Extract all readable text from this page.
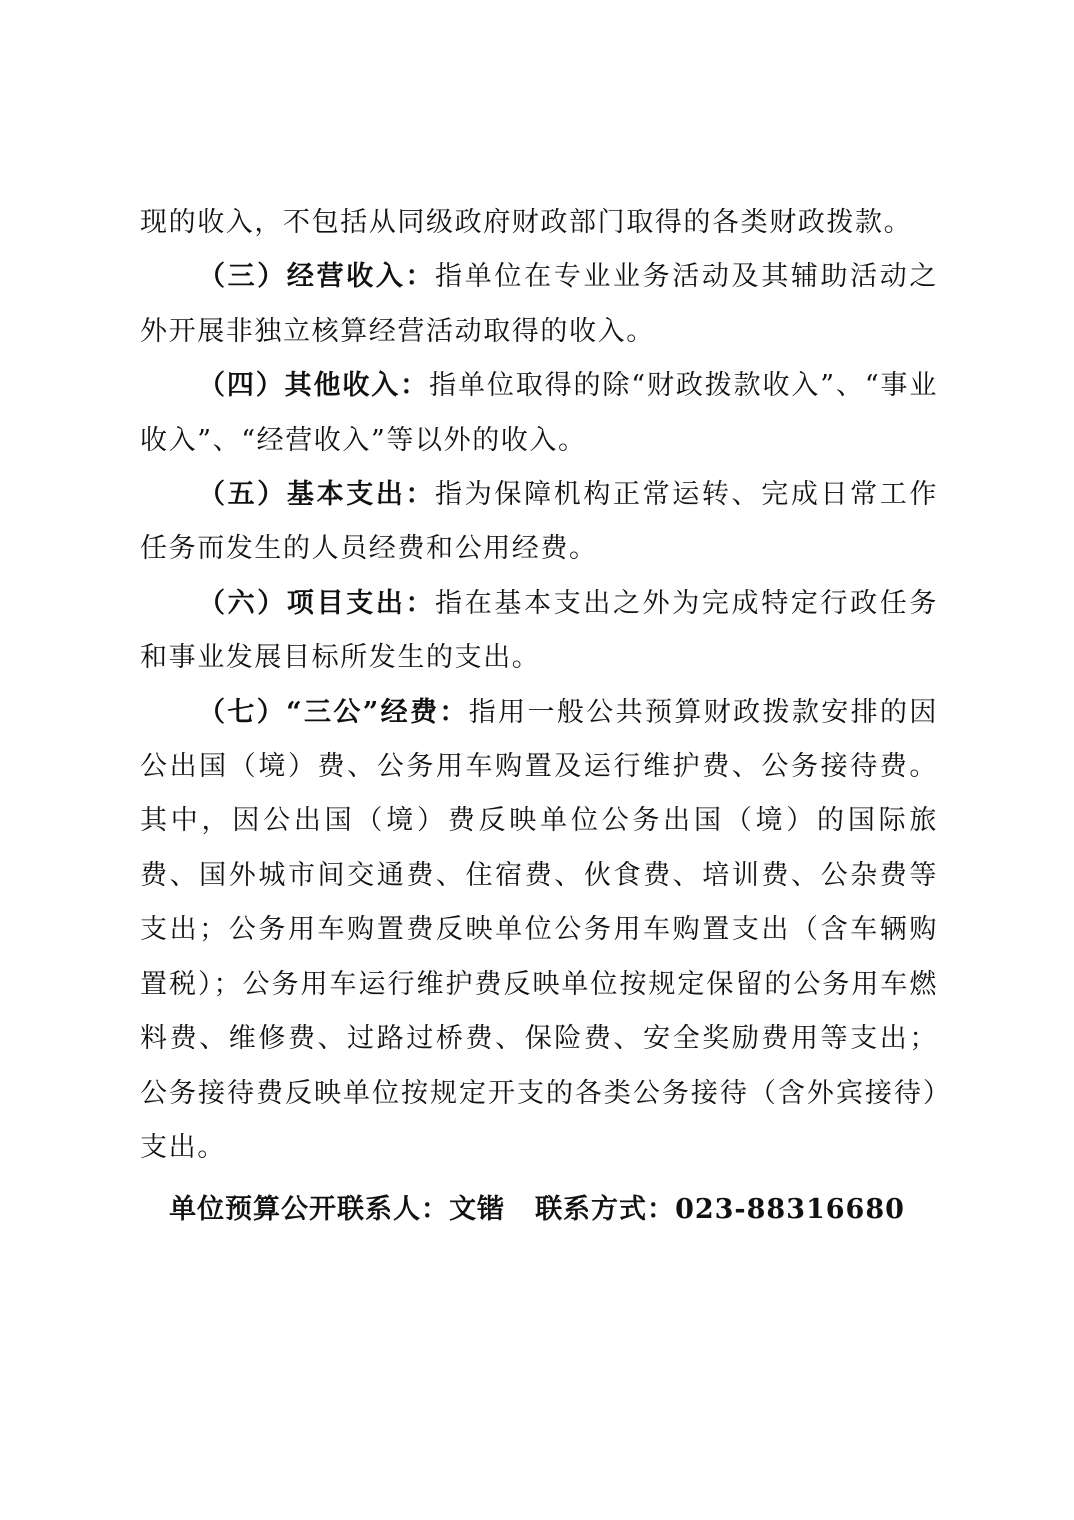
现的收入，不包括从同级政府财政部门取得的各类财政拨款。

（三）经营收入：指单位在专业业务活动及其辅助活动之外开展非独立核算经营活动取得的收入。

（四）其他收入：指单位取得的除“财政拨款收入”、“事业收入”、“经营收入”等以外的收入。

（五）基本支出：指为保障机构正常运转、完成日常工作任务而发生的人员经费和公用经费。

（六）项目支出：指在基本支出之外为完成特定行政任务和事业发展目标所发生的支出。

（七）“三公”经费：指用一般公共预算财政拨款安排的因公出国（境）费、公务用车购置及运行维护费、公务接待费。其中，因公出国（境）费反映单位公务出国（境）的国际旅费、国外城市间交通费、住宿费、伙食费、培训费、公杂费等支出；公务用车购置费反映单位公务用车购置支出（含车辆购置税）；公务用车运行维护费反映单位按规定保留的公务用车燃料费、维修费、过路过桥费、保险费、安全奖励费用等支出；公务接待费反映单位按规定开支的各类公务接待（含外宾接待）支出。

单位预算公开联系人：文锴 联系方式：023-88316680
